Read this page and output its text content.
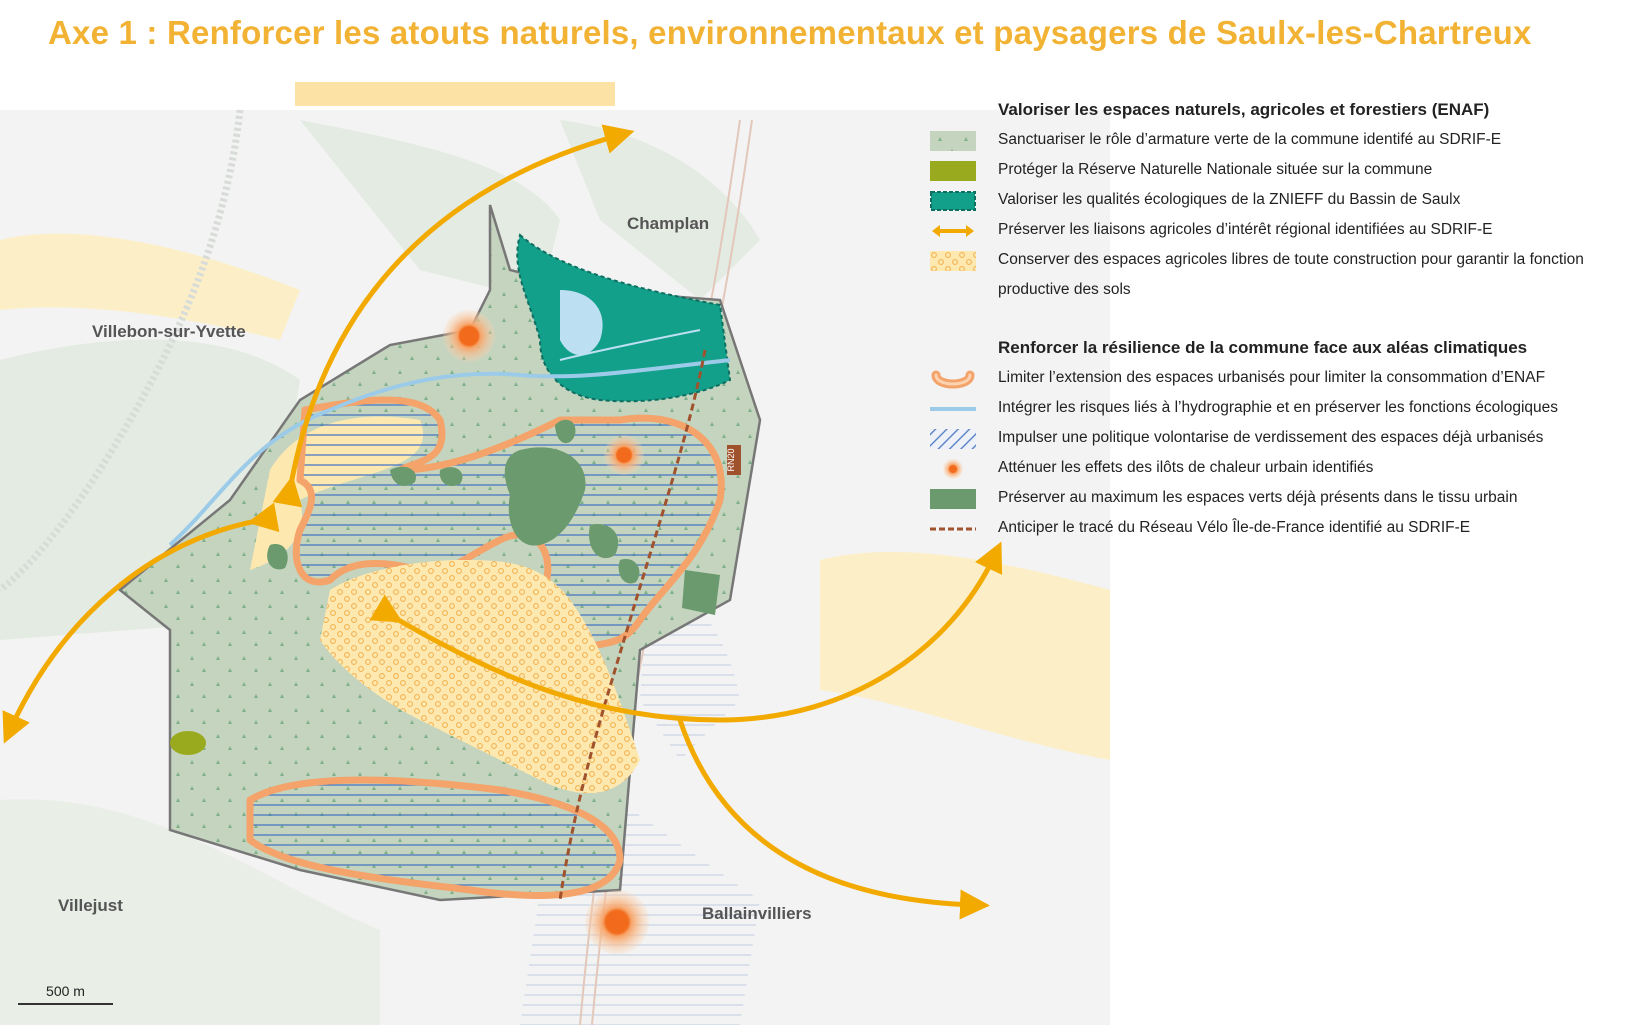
Axe 1 : Renforcer les atouts naturels, environnementaux et paysagers de Saulx-les-Chartreux
RN20
Champlan
Villebon-sur-Yvette
Villejust	Ballainvilliers
Valoriser les espaces naturels, agricoles et forestiers (ENAF)
Sanctuariser le rôle d’armature verte de la commune identifé au SDRIF-E
Protéger la Réserve Naturelle Nationale située sur la commune
Valoriser les qualités écologiques de la ZNIEFF du Bassin de Saulx
Préserver les liaisons agricoles d’intérêt régional identifiées au SDRIF-E
Conserver des espaces agricoles libres de toute construction pour garantir la fonction productive des sols
Renforcer la résilience de la commune face aux aléas climatiques
Limiter l’extension des espaces urbanisés pour limiter la consommation d’ENAF
Intégrer les risques liés à l’hydrographie et en préserver les fonctions écologiques
Impulser une politique volontarise de verdissement des espaces déjà urbanisés
Atténuer les effets des ilôts de chaleur urbain identifiés
Préserver au maximum les espaces verts déjà présents dans le tissu urbain
Anticiper le tracé du Réseau Vélo Île-de-France identifié au SDRIF-E
500 m
